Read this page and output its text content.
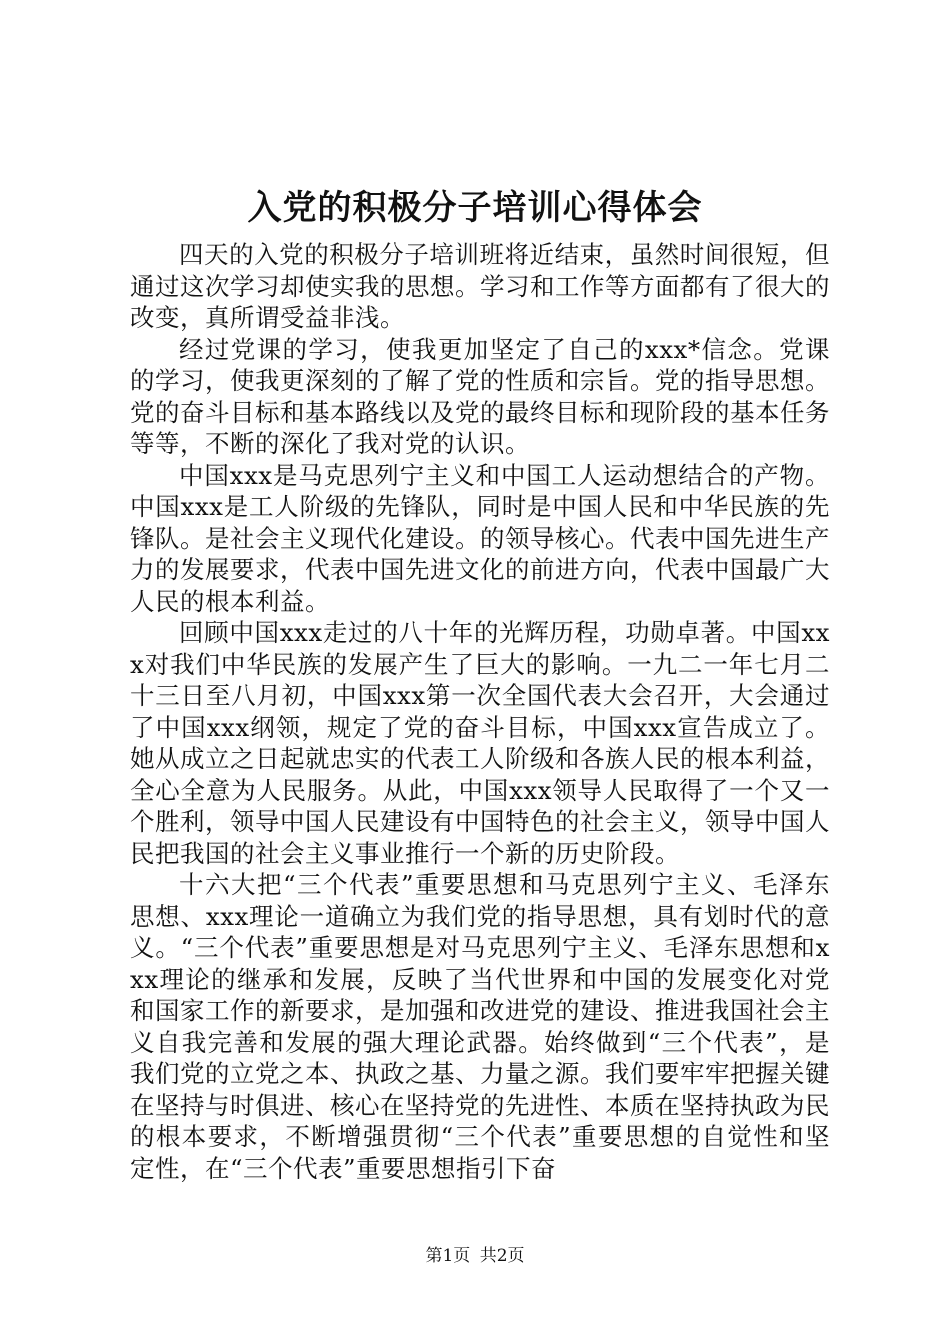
入党的积极分子培训心得体会

四天的入党的积极分子培训班将近结束，虽然时间很短，但通过这次学习却使实我的思想。学习和工作等方面都有了很大的改变，真所谓受益非浅。

经过党课的学习，使我更加坚定了自己的xxx*信念。党课的学习，使我更深刻的了解了党的性质和宗旨。党的指导思想。党的奋斗目标和基本路线以及党的最终目标和现阶段的基本任务等等，不断的深化了我对党的认识。

中国xxx是马克思列宁主义和中国工人运动想结合的产物。中国xxx是工人阶级的先锋队，同时是中国人民和中华民族的先锋队。是社会主义现代化建设。的领导核心。代表中国先进生产力的发展要求，代表中国先进文化的前进方向，代表中国最广大人民的根本利益。

回顾中国xxx走过的八十年的光辉历程，功勋卓著。中国xxx对我们中华民族的发展产生了巨大的影响。一九二一年七月二十三日至八月初，中国xxx第一次全国代表大会召开，大会通过了中国xxx纲领，规定了党的奋斗目标，中国xxx宣告成立了。她从成立之日起就忠实的代表工人阶级和各族人民的根本利益，全心全意为人民服务。从此，中国xxx领导人民取得了一个又一个胜利，领导中国人民建设有中国特色的社会主义，领导中国人民把我国的社会主义事业推行一个新的历史阶段。

十六大把“三个代表”重要思想和马克思列宁主义、毛泽东思想、xxx理论一道确立为我们党的指导思想，具有划时代的意义。“三个代表”重要思想是对马克思列宁主义、毛泽东思想和xxx理论的继承和发展，反映了当代世界和中国的发展变化对党和国家工作的新要求，是加强和改进党的建设、推进我国社会主义自我完善和发展的强大理论武器。始终做到“三个代表”，是我们党的立党之本、执政之基、力量之源。我们要牢牢把握关键在坚持与时俱进、核心在坚持党的先进性、本质在坚持执政为民的根本要求，不断增强贯彻“三个代表”重要思想的自觉性和坚定性，在“三个代表”重要思想指引下奋

第1页 共2页
